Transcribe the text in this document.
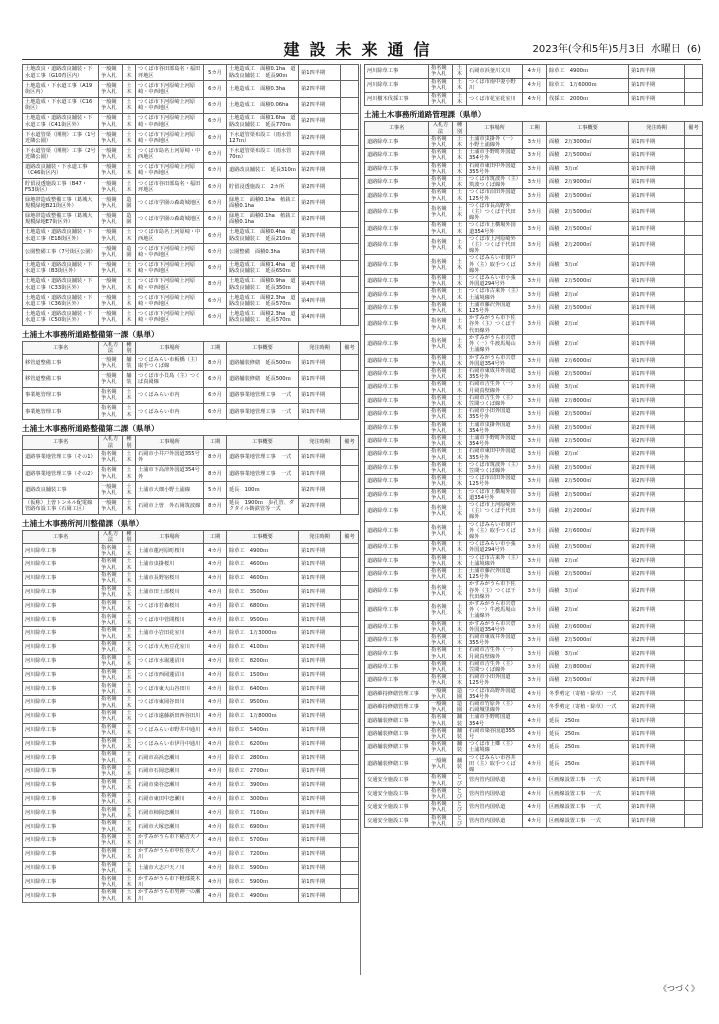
建設未来通信	2023年(令和5年)5月3日 水曜日 (6)
土地改良・道路改良舗装・下水道工事（G10育区内）	一般競争入札	土木	つくば市谷田部島名・福田坪地区	5カ月	土地造成工　面積0.1ha　道路改良舗装工　延長90ｍ	第1四半期	
土地造成・下水道工事（A19街区内）	一般競争入札	土木	つくば市下河原崎上河原崎・中西地区	6カ月	土地造成工　面積0.3ha	第2四半期	
土地造成・下水道工事（C16街区）	一般競争入札	土木	つくば市下河原崎上河原崎・中西地区	6カ月	土地造成工　面積0.06ha	第2四半期	
土地造成・道路改良舗装・下水道工事（C41街区外）	一般競争入札	土木	つくば市下河原崎上河原崎・中西地区	6カ月	土地造成工　面積1.6ha　道路改良舗装工　延長770ｍ	第2四半期	
下水道管渠（開削）工事（1号近隣公園）	一般競争入札	土木	つくば市下河原崎上河原崎・中西地区	6カ月	下水道管渠布設工（雨水管127ｍ）	第2四半期	
下水道管渠（開削）工事（2号近隣公園）	一般競争入札	土木	つくば市島名上河原崎・中西地区	6カ月	下水道管渠布設工（雨水管70ｍ）	第2四半期	
道路改良舗装・下水道工事（C46街区内）	一般競争入札	土木	つくば市下河原崎上河原崎・中西地区	6カ月	道路改良舗装工　延長310ｍ	第2四半期	
貯留浸透施設工事（B47・F53街区）	一般競争入札	土木	つくば市谷田部島名・福田坪地区	6カ月	貯留浸透施設工　2カ所	第2四半期	
緑地帯造成整備工事（葛城大規模緑地B21街区外）	一般競争入札	造園	つくば市学園の森葛城地区	6カ月	緑地工　面積0.1ha　植栽工　面積0.1ha	第2四半期	
緑地帯造成整備工事（葛城大規模緑地E7街区外）	一般競争入札	造園	つくば市学園の森葛城地区	6カ月	緑地工　面積0.1ha　植栽工　面積0.1ha	第2四半期	
土地造成・道路改良舗装・下水道工事（E18街区外）	一般競争入札	土木	つくば市島名上河原崎・中西地区	6カ月	土地造成工　面積0.4ha　道路改良舗装工　延長210ｍ	第3四半期	
公園整備工事（7号街区公園）	一般競争入札	造園	つくば市下河原崎上河原崎・中西地区	6カ月	公園整備　面積0.3ha	第3四半期	
土地造成・道路改良舗装・下水道工事（B3街区外）	一般競争入札	土木	つくば市下河原崎上河原崎・中西地区	6カ月	土地造成工　面積1.4ha　道路改良舗装工　延長650ｍ	第4四半期	
土地造成・道路改良舗装・下水道工事（C33街区外）	一般競争入札	土木	つくば市下河原崎上河原崎・中西地区	8カ月	土地造成工　面積0.9ha　道路改良舗装工　延長350ｍ	第4四半期	
土地造成・道路改良舗装・下水道工事（C36街区外）	一般競争入札	土木	つくば市下河原崎上河原崎・中西地区	6カ月	土地造成工　面積2.3ha　道路改良舗装工　延長570ｍ	第4四半期	
土地造成・道路改良舗装・下水道工事（C50街区外）	一般競争入札	土木	つくば市下河原崎上河原崎・中西地区	6カ月	土地造成工　面積2.3ha　道路改良舗装工　延長570ｍ	第4四半期	
土浦土木事務所道路整備第一課（県単）
工事名	入札方法	種別	工事場所	工期	工事概要	発注時期	備考
移管道整備工事	一般競争入札	舗装	つくばみらい市板橋（主）取手つくば線	8カ月	道路舗装修繕　延長500ｍ	第1四半期	
移管道整備工事	一般競争入札	舗装	つくば市小貝島（主）つくば真岡線	6カ月	道路舗装修繕　延長500ｍ	第1四半期	
事業地管理工事	指名競争入札	土木	つくばみらい市内	6カ月	道路事業地管理工事　一式	第1四半期	
事業地管理工事	指名競争入札	土木	つくばみらい市内	6カ月	道路事業地管理工事　一式	第1四半期	
土浦土木事務所道路整備第二課（県単）
工事名	入札方法	種別	工事場所	工期	工事概要	発注時期	備考
道路事業地管理工事（その1）	指名競争入札	土木	石岡市小井戸外国道355号　外	8カ月	道路事業地管理工事　一式	第1四半期	
道路事業地管理工事（その2）	指名競争入札	土木	土浦市下高津外国道354号　外	8カ月	道路事業地管理工事　一式	第1四半期	
道路改良舗装工事	一般競争入札	土木	土浦市大畑小野土浦線	5カ月	延長　100ｍ	第2四半期	
（仮称）上曽トンネル配電線管路布設工事（石岡工区）	一般競争入札	土木	石岡市上曽　外石岡筑波線	8カ月	延長　1900ｍ　歩孔管、ダクタイル鋳鉄管等一式	第2四半期	
土浦土木事務所河川整備課（県単）
工事名	入札方法	種別	工事場所	工期	工事概要	発注時期	備考
河川除草工事	指名競争入札	土木	土浦市蓮河原町桜川	4カ月	除草工　4900ｍ	第1四半期	
河川除草工事	指名競争入札	土木	土浦市虫掛桜川	4カ月	除草工　4600ｍ	第1四半期	
河川除草工事	指名競争入札	土木	土浦市長野宿桜川	4カ月	除草工　4600ｍ	第1四半期	
河川除草工事	指名競争入札	土木	土浦市田土部桜川	4カ月	除草工　3500ｍ	第1四半期	
河川除草工事	指名競争入札	土木	つくば市若森桜川	4カ月	除草工　6800ｍ	第1四半期	
河川除草工事	指名競争入札	土木	つくば市中菅間桜川	4カ月	除草工　9500ｍ	第1四半期	
河川除草工事	指名競争入札	土木	土浦市小岩田花室川	4カ月	除草工　1万3000ｍ	第1四半期	
河川除草工事	指名競争入札	土木	つくば市大角豆花室川	4カ月	除草工　4100ｍ	第1四半期	
河川除草工事	指名競争入札	土木	つくば市水堀蓮沼川	4カ月	除草工　8200ｍ	第1四半期	
河川除草工事	指名競争入札	土木	つくば市西岡蓮沼川	4カ月	除草工　1500ｍ	第1四半期	
河川除草工事	指名競争入札	土木	つくば市東大山谷田川	4カ月	除草工　6400ｍ	第1四半期	
河川除草工事	指名競争入札	土木	つくば市東岡谷田川	4カ月	除草工　9500ｍ	第1四半期	
河川除草工事	指名競争入札	土木	つくば市遠藤新田西谷田川	4カ月	除草工　1万8000ｍ	第1四半期	
河川除草工事	指名競争入札	土木	つくばみらい市野井中通川	4カ月	除草工　5400ｍ	第1四半期	
河川除草工事	指名競争入札	土木	つくばみらい市伊丹中通川	4カ月	除草工　6200ｍ	第1四半期	
河川除草工事	指名競争入札	土木	石岡市高浜恋瀬川	4カ月	除草工　2800ｍ	第1四半期	
河川除草工事	指名競争入札	土木	石岡市石岡恋瀬川	4カ月	除草工　2700ｍ	第1四半期	
河川除草工事	指名競争入札	土木	石岡市染谷恋瀬川	4カ月	除草工　3900ｍ	第1四半期	
河川除草工事	指名競争入札	土木	石岡市東田中恋瀬川	4カ月	除草工　3000ｍ	第1四半期	
河川除草工事	指名競争入札	土木	石岡市柿岡恋瀬川	4カ月	除草工　7100ｍ	第1四半期	
河川除草工事	指名競争入札	土木	石岡市大塚恋瀬川	4カ月	除草工　6900ｍ	第1四半期	
河川除草工事	指名競争入札	土木	かすみがうら市下稲吉天ノ川	4カ月	除草工　5700ｍ	第1四半期	
河川除草工事	指名競争入札	土木	かすみがうら市中佐谷天ノ川	4カ月	除草工　7200ｍ	第1四半期	
河川除草工事	指名競争入札	土木	土浦市大志戸天ノ川	4カ月	除草工　5900ｍ	第1四半期	
河川除草工事	指名競争入札	土木	かすみがうら市下軽部菱木川	4カ月	除草工　5900ｍ	第1四半期	
河川除草工事	指名競争入札	土木	かすみがうら市男神一の瀬川	4カ月	除草工　4900ｍ	第1四半期	
河川除草工事	指名競争入札	土木	石岡市浜釜川又川	4カ月	除草工　4900ｍ	第1四半期	
河川除草工事	指名競争入札	土木	つくば市南中妻小野川	4カ月	除草工　1万6000ｍ	第1四半期	
河川樹木伐採工事	指名競争入札	土木	つくば市花室花室川	4カ月	伐採工　2000ｍ	第1四半期	
土浦土木事務所道路管理課（県単）
工事名	入札方法	種別	工事場所	工期	工事概要	発注時期	備考
道路除草工事	指名競争入札	土木	土浦市虫掛外（一）小野土浦線外	3カ月	面積　2万3000㎡	第1四半期	
道路除草工事	指名競争入札	土木	土浦市手野町外国道354号外	3カ月	面積　2万5000㎡	第1四半期	
道路除草工事	指名競争入札	土木	石岡市東田中外国道355号外	3カ月	面積　3万㎡	第1四半期	
道路除草工事	指名競争入札	土木	つくば市筑波外（主）筑波つくば線外	3カ月	面積　2万9000㎡	第1四半期	
道路除草工事	指名競争入札	土木	つくば市沼田外国道125号外	3カ月	面積　2万5000㎡	第1四半期	
道路除草工事	指名競争入札	土木	つくば市長高野外（主）つくば千代田線外	3カ月	面積　2万5000㎡	第1四半期	
道路除草工事	指名競争入札	土木	つくば市上横場外国道354号外	3カ月	面積　2万5000㎡	第1四半期	
道路除草工事	指名競争入札	土木	つくば市上河原崎外（主）つくば千代田線外	3カ月	面積　2万2000㎡	第1四半期	
道路除草工事	指名競争入札	土木	つくばみらい市筒戸外（主）取手つくば線外	3カ月	面積　3万㎡	第1四半期	
道路除草工事	指名競争入札	土木	つくばみらい市小張外国道294号外	3カ月	面積　2万5000㎡	第1四半期	
道路除草工事	指名競争入札	土木	つくば市古来外（主）土浦境線外	3カ月	面積　2万㎡	第1四半期	
道路除草工事	指名競争入札	土木	土浦市藤沢外国道125号外	3カ月	面積　2万5000㎡	第1四半期	
道路除草工事	指名競争入札	土木	かすみがうら市下佐谷外（主）つくば千代田線外	3カ月	面積　2万㎡	第1四半期	
道路除草工事	指名競争入札	土木	かすみがうら市宍倉外（一）牛渡馬場山土浦線外	3カ月	面積　2万㎡	第1四半期	
道路除草工事	指名競争入札	土木	かすみがうら市宍倉外国道354号外	3カ月	面積　2万6000㎡	第1四半期	
道路除草工事	指名競争入札	土木	石岡市東成井外国道355号外	3カ月	面積　2万5000㎡	第1四半期	
道路除草工事	指名競争入札	土木	石岡市吉生外（一）月岡真壁線外	3カ月	面積　3万㎡	第1四半期	
道路除草工事	指名競争入札	土木	石岡市吉生外（主）笠間つくば線外	3カ月	面積　2万8000㎡	第1四半期	
道路除草工事	指名競争入札	土木	石岡市小田外国道355号外	3カ月	面積　2万5000㎡	第2四半期	
道路除草工事	指名競争入札	土木	土浦市虫掛外国道354号外	3カ月	面積　2万5000㎡	第2四半期	
道路除草工事	指名競争入札	土木	土浦市手野町外国道354号外	3カ月	面積　2万5000㎡	第2四半期	
道路除草工事	指名競争入札	土木	石岡市東田中外国道355号外	3カ月	面積　2万㎡	第2四半期	
道路除草工事	指名競争入札	土木	つくば市筑波外（主）笠間つくば線外	3カ月	面積　2万5000㎡	第2四半期	
道路除草工事	指名競争入札	土木	つくば市沼田外国道125号外	3カ月	面積　2万5000㎡	第2四半期	
道路除草工事	指名競争入札	土木	つくば市上横場外国道354号外	3カ月	面積　2万5000㎡	第2四半期	
道路除草工事	指名競争入札	土木	つくば市上河原崎外（主）つくば千代田線外	3カ月	面積　2万2000㎡	第2四半期	
道路除草工事	指名競争入札	土木	つくばみらい市筒戸外（主）取手つくば線外	3カ月	面積　2万6000㎡	第2四半期	
道路除草工事	指名競争入札	土木	つくばみらい市小張外国道294号外	3カ月	面積　2万5000㎡	第2四半期	
道路除草工事	指名競争入札	土木	つくば市古来外（主）土浦境線外	3カ月	面積　2万㎡	第2四半期	
道路除草工事	指名競争入札	土木	土浦市藤沢外国道125号外	3カ月	面積　2万5000㎡	第2四半期	
道路除草工事	指名競争入札	土木	かすみがうら市下佐谷外（主）つくば千代田線外	3カ月	面積　3万㎡	第2四半期	
道路除草工事	指名競争入札	土木	かすみがうら市宍倉外（一）牛渡馬場山土浦線外	3カ月	面積　2万㎡	第2四半期	
道路除草工事	指名競争入札	土木	かすみがうら市宍倉外国道354号外	3カ月	面積　2万6000㎡	第2四半期	
道路除草工事	指名競争入札	土木	石岡市東成井外国道355号外	3カ月	面積　2万5000㎡	第2四半期	
道路除草工事	指名競争入札	土木	石岡市吉生外（一）月岡真壁線外	3カ月	面積　3万㎡	第2四半期	
道路除草工事	指名競争入札	土木	石岡市吉生外（主）笠間つくば線外	3カ月	面積　2万8000㎡	第2四半期	
道路除草工事	指名競争入札	土木	石岡市小田外国道125号外	3カ月	面積　2万5000㎡	第2四半期	
道路維持修繕管理工事	一般競争入札	造園	つくば市高野外国道354号外	4カ月	冬季剪定（寄植・除草）一式	第2四半期	
道路維持修繕管理工事	一般競争入札	造園	石岡市竹原外（主）石岡城里線外	4カ月	冬季剪定（寄植・除草）一式	第2四半期	
道路舗装修繕工事	指名競争入札	舗装	土浦市手野町国道354号	4カ月	延長　250ｍ	第1四半期	
道路舗装修繕工事	指名競争入札	舗装	石岡市染谷国道355号	4カ月	延長　250ｍ	第1四半期	
道路舗装修繕工事	指名競争入札	舗装	つくば市上郷（主）土浦境線	4カ月	延長　250ｍ	第1四半期	
道路舗装修繕工事	一般競争入札	舗装	つくばみらい市谷井田（主）取手つくば線	4カ月	延長　250ｍ	第1四半期	
交通安全施設工事	指名競争入札	とび	管内管内国県道	4カ月	区画線設置工事　一式	第1四半期	
交通安全施設工事	指名競争入札	とび	管内管内国県道	4カ月	区画線設置工事　一式	第1四半期	
交通安全施設工事	指名競争入札	とび	管内管内国県道	4カ月	区画線設置工事　一式	第1四半期	
交通安全施設工事	指名競争入札	とび	管内管内国県道	4カ月	区画線設置工事　一式	第1四半期	
《つづく》
